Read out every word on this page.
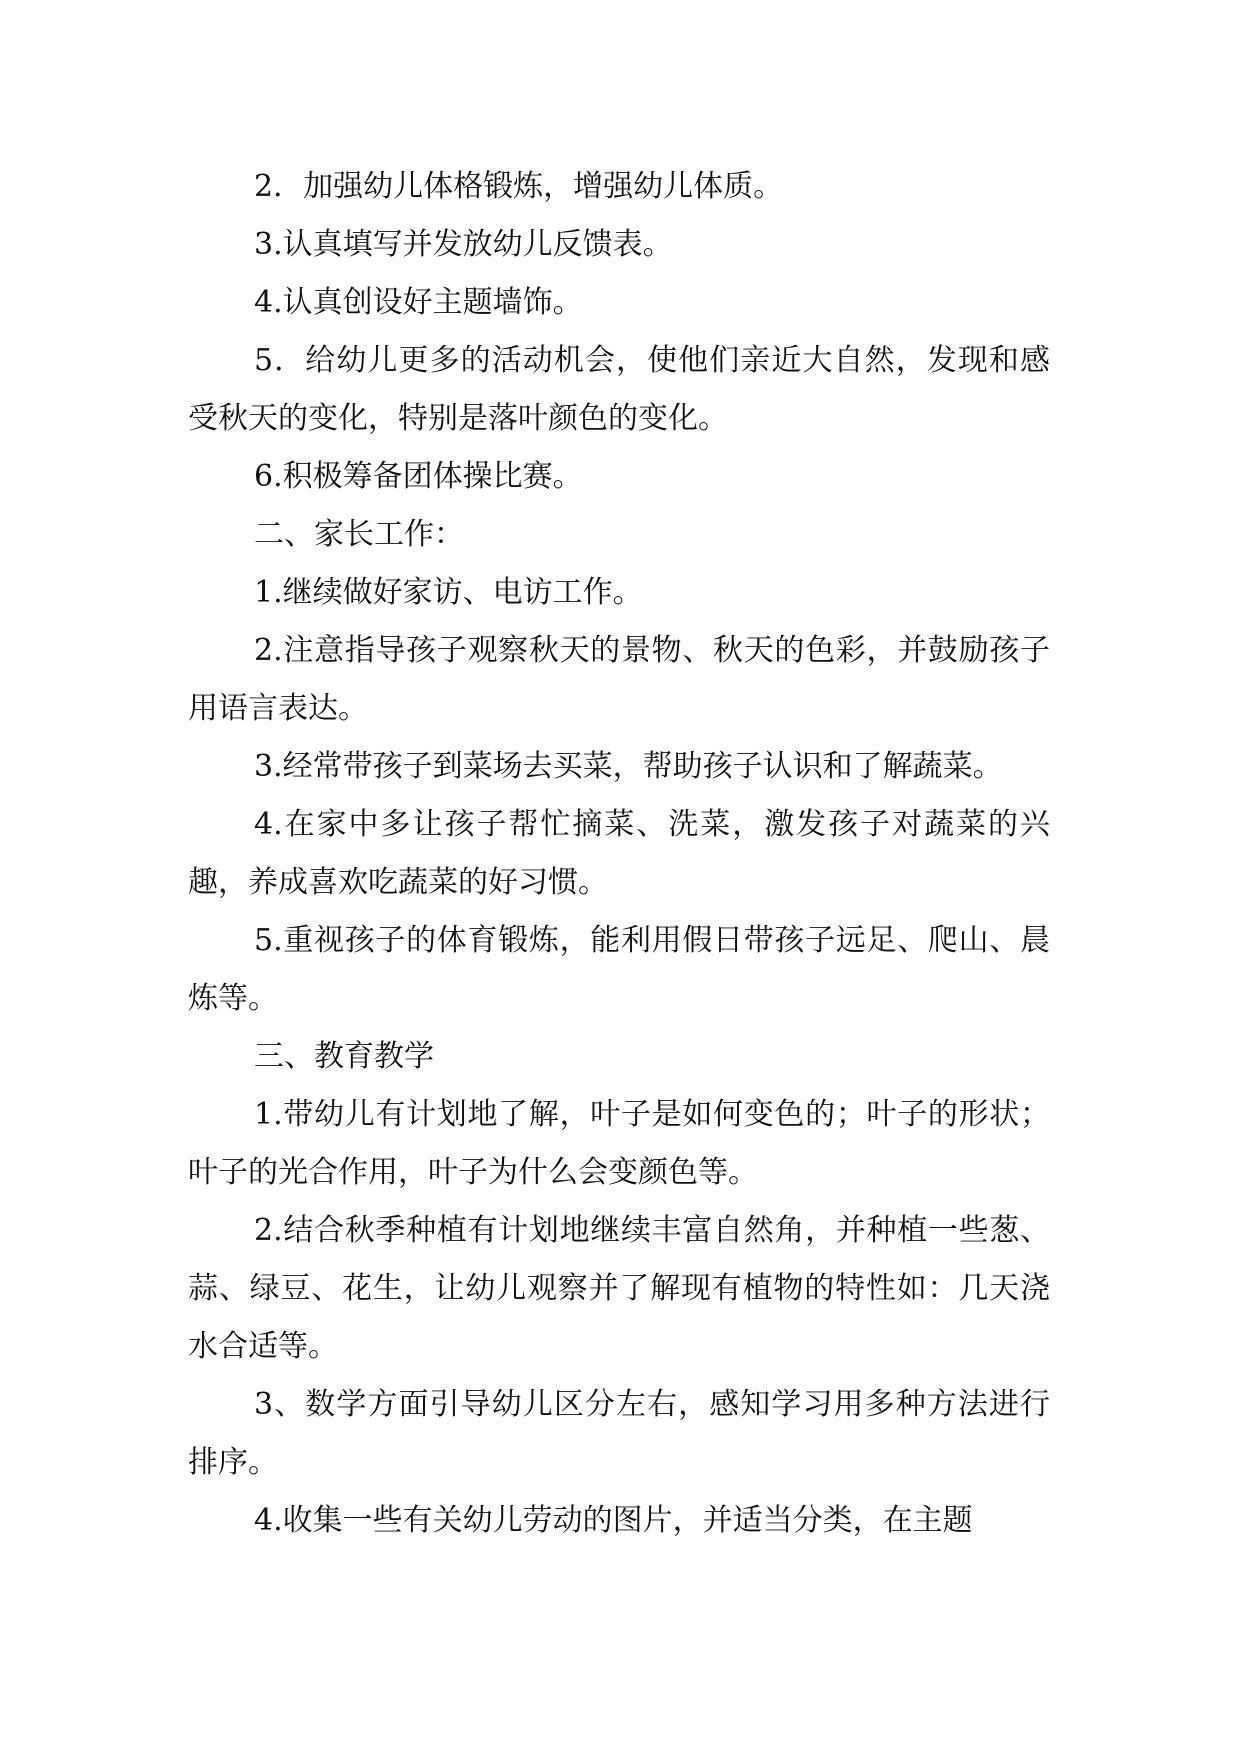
2．加强幼儿体格锻炼，增强幼儿体质。

3.认真填写并发放幼儿反馈表。

4.认真创设好主题墙饰。

5．给幼儿更多的活动机会，使他们亲近大自然，发现和感受秋天的变化，特别是落叶颜色的变化。

6.积极筹备团体操比赛。

二、家长工作：

1.继续做好家访、电访工作。

2.注意指导孩子观察秋天的景物、秋天的色彩，并鼓励孩子用语言表达。

3.经常带孩子到菜场去买菜，帮助孩子认识和了解蔬菜。

4.在家中多让孩子帮忙摘菜、洗菜，激发孩子对蔬菜的兴趣，养成喜欢吃蔬菜的好习惯。

5.重视孩子的体育锻炼，能利用假日带孩子远足、爬山、晨炼等。

三、教育教学

1.带幼儿有计划地了解，叶子是如何变色的；叶子的形状；叶子的光合作用，叶子为什么会变颜色等。

2.结合秋季种植有计划地继续丰富自然角，并种植一些葱、蒜、绿豆、花生，让幼儿观察并了解现有植物的特性如：几天浇水合适等。

3、数学方面引导幼儿区分左右，感知学习用多种方法进行排序。

4.收集一些有关幼儿劳动的图片，并适当分类，在主题
